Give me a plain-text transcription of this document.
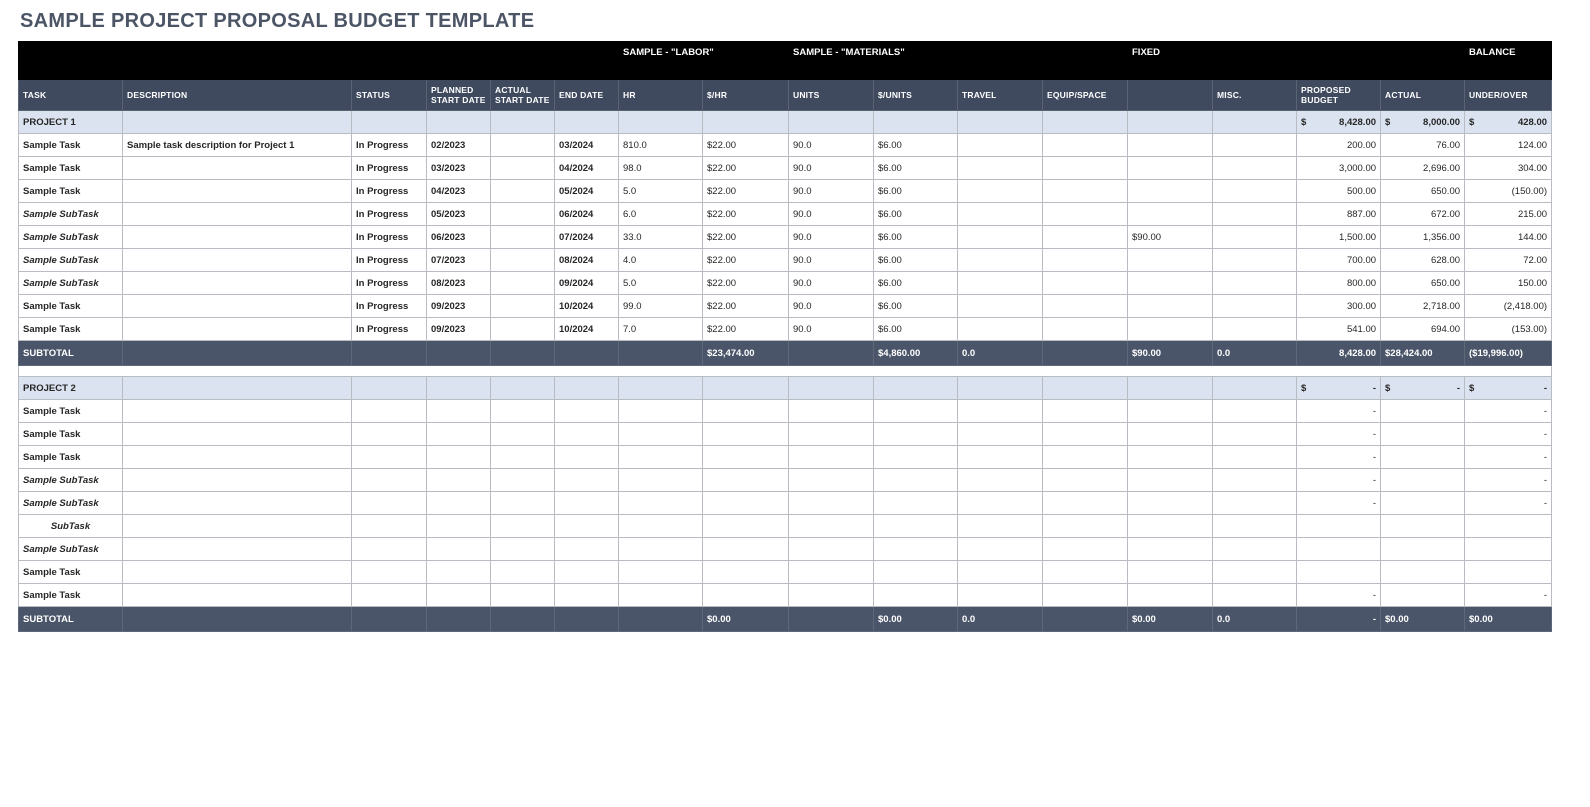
SAMPLE PROJECT PROPOSAL BUDGET TEMPLATE
						SAMPLE - "LABOR"		SAMPLE - "MATERIALS"				FIXED				BALANCE
TASK	DESCRIPTION	STATUS	PLANNED START DATE	ACTUAL START DATE	END DATE	HR	$/HR	UNITS	$/UNITS	TRAVEL	EQUIP/SPACE		MISC.	PROPOSED BUDGET	ACTUAL	UNDER/OVER
PROJECT 1														$ 8,428.00	$ 8,000.00	$ 428.00

Sample Task	Sample task description for Project 1	In Progress	02/2023		03/2024	810.0	$22.00	90.0	$6.00					200.00	76.00	124.00
Sample Task		In Progress	03/2023		04/2024	98.0	$22.00	90.0	$6.00					3,000.00	2,696.00	304.00
Sample Task		In Progress	04/2023		05/2024	5.0	$22.00	90.0	$6.00					500.00	650.00	(150.00)
Sample SubTask		In Progress	05/2023		06/2024	6.0	$22.00	90.0	$6.00					887.00	672.00	215.00
Sample SubTask		In Progress	06/2023		07/2024	33.0	$22.00	90.0	$6.00			$90.00		1,500.00	1,356.00	144.00
Sample SubTask		In Progress	07/2023		08/2024	4.0	$22.00	90.0	$6.00					700.00	628.00	72.00
Sample SubTask		In Progress	08/2023		09/2024	5.0	$22.00	90.0	$6.00					800.00	650.00	150.00
Sample Task		In Progress	09/2023		10/2024	99.0	$22.00	90.0	$6.00					300.00	2,718.00	(2,418.00)
Sample Task		In Progress	09/2023		10/2024	7.0	$22.00	90.0	$6.00					541.00	694.00	(153.00)
SUBTOTAL							$23,474.00		$4,860.00	0.0		$90.00	0.0	8,428.00	$28,424.00	($19,996.00)

PROJECT 2														$ -	$ -	$ -

Sample Task														-		-
Sample Task														-		-
Sample Task														-		-
Sample SubTask														-		-
Sample SubTask														-		-
SubTask																
Sample SubTask																
Sample Task																
Sample Task														-		-
SUBTOTAL							$0.00		$0.00	0.0		$0.00	0.0	-	$0.00	$0.00
